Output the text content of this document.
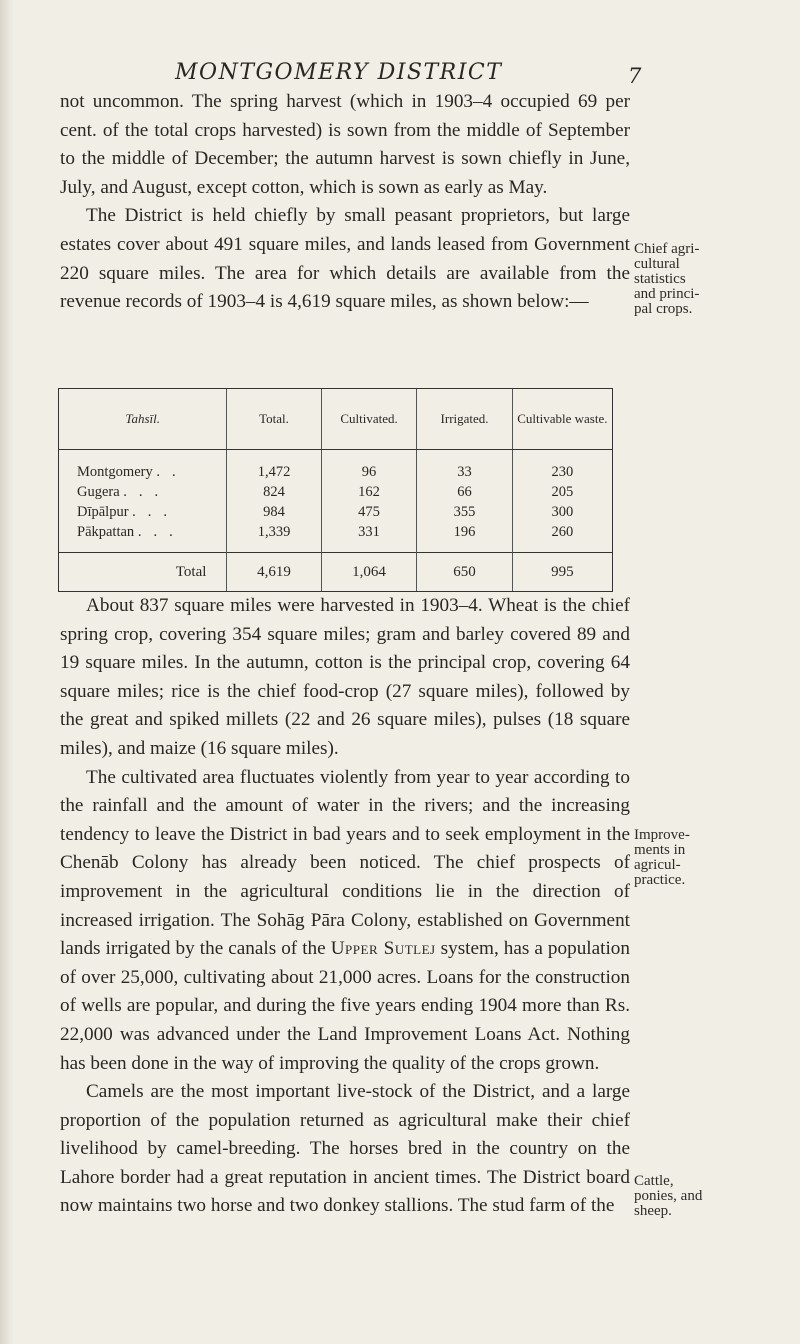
MONTGOMERY DISTRICT	7

not uncommon. The spring harvest (which in 1903–4 occupied 69 per cent. of the total crops harvested) is sown from the middle of September to the middle of December; the autumn harvest is sown chiefly in June, July, and August, except cotton, which is sown as early as May.

The District is held chiefly by small peasant proprietors, but large estates cover about 491 square miles, and lands leased from Government 220 square miles. The area for which details are available from the revenue records of 1903–4 is 4,619 square miles, as shown below:—

Chief agri-
cultural
statistics
and princi-
pal crops.
Tahsīl.	Total.	Cultivated.	Irrigated.	Cultivable waste.
Montgomery ..	1,472	96	33	230
Gugera ...	824	162	66	205
Dīpālpur ...	984	475	355	300
Pākpattan ...	1,339	331	196	260
Total	4,619	1,064	650	995

About 837 square miles were harvested in 1903–4. Wheat is the chief spring crop, covering 354 square miles; gram and barley covered 89 and 19 square miles. In the autumn, cotton is the principal crop, covering 64 square miles; rice is the chief food-crop (27 square miles), followed by the great and spiked millets (22 and 26 square miles), pulses (18 square miles), and maize (16 square miles).

The cultivated area fluctuates violently from year to year according to the rainfall and the amount of water in the rivers; and the increasing tendency to leave the District in bad years and to seek employment in the Chenāb Colony has already been noticed. The chief prospects of improvement in the agricultural conditions lie in the direction of increased irrigation. The Sohāg Pāra Colony, established on Government lands irrigated by the canals of the Upper Sutlej system, has a population of over 25,000, cultivating about 21,000 acres. Loans for the construction of wells are popular, and during the five years ending 1904 more than Rs. 22,000 was advanced under the Land Improvement Loans Act. Nothing has been done in the way of improving the quality of the crops grown.

Camels are the most important live-stock of the District, and a large proportion of the population returned as agricultural make their chief livelihood by camel-breeding. The horses bred in the country on the Lahore border had a great reputation in ancient times. The District board now maintains two horse and two donkey stallions. The stud farm of the

Improve-
ments in
agricul-
practice.
Cattle,
ponies, and
sheep.
